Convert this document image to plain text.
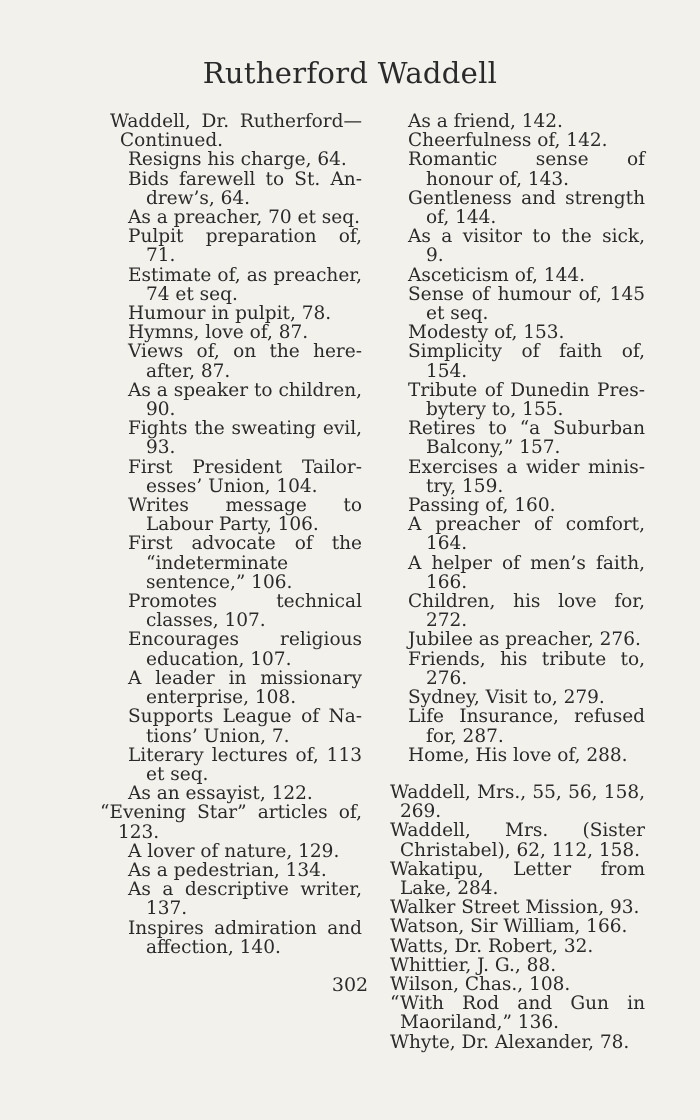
Rutherford Waddell
Waddell, Dr. Rutherford— Continued.
Resigns his charge, 64.
Bids farewell to St. Andrew’s, 64.
As a preacher, 70 et seq.
Pulpit preparation of, 71.
Estimate of, as preacher, 74 et seq.
Humour in pulpit, 78.
Hymns, love of, 87.
Views of, on the hereafter, 87.
As a speaker to children, 90.
Fights the sweating evil, 93.
First President Tailoresses’ Union, 104.
Writes message to Labour Party, 106.
First advocate of the “indeterminate sentence,” 106.
Promotes technical classes, 107.
Encourages religious education, 107.
A leader in missionary enterprise, 108.
Supports League of Nations’ Union, 7.
Literary lectures of, 113 et seq.
As an essayist, 122.
“Evening Star” articles of, 123.
A lover of nature, 129.
As a pedestrian, 134.
As a descriptive writer, 137.
Inspires admiration and affection, 140.
As a friend, 142.
Cheerfulness of, 142.
Romantic sense of honour of, 143.
Gentleness and strength of, 144.
As a visitor to the sick, 9.
Asceticism of, 144.
Sense of humour of, 145 et seq.
Modesty of, 153.
Simplicity of faith of, 154.
Tribute of Dunedin Presbytery to, 155.
Retires to “a Suburban Balcony,” 157.
Exercises a wider ministry, 159.
Passing of, 160.
A preacher of comfort, 164.
A helper of men’s faith, 166.
Children, his love for, 272.
Jubilee as preacher, 276.
Friends, his tribute to, 276.
Sydney, Visit to, 279.
Life Insurance, refused for, 287.
Home, His love of, 288.
Waddell, Mrs., 55, 56, 158, 269.
Waddell, Mrs. (Sister Christabel), 62, 112, 158.
Wakatipu, Letter from Lake, 284.
Walker Street Mission, 93.
Watson, Sir William, 166.
Watts, Dr. Robert, 32.
Whittier, J. G., 88.
Wilson, Chas., 108.
“With Rod and Gun in Maoriland,” 136.
Whyte, Dr. Alexander, 78.
302
